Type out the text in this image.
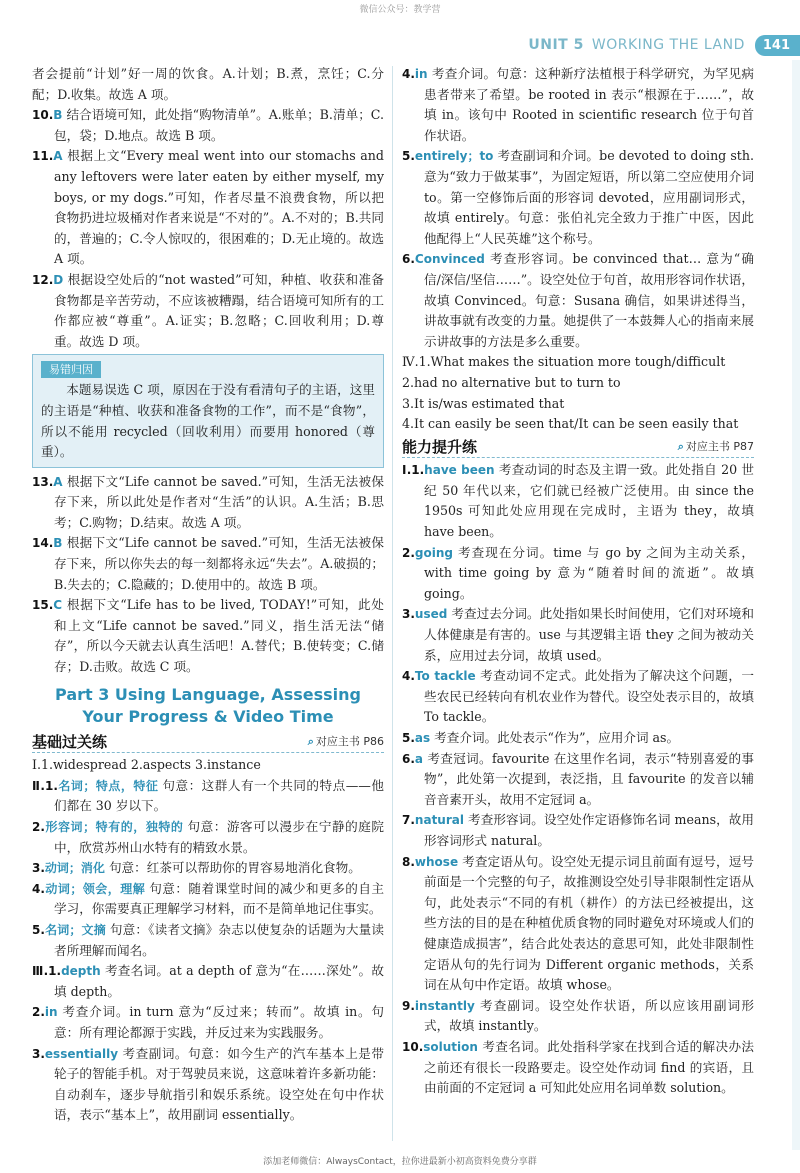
微信公众号：教学营
UNIT 5 WORKING THE LAND	141

者会提前“计划”好一周的饮食。A.计划；B.煮，烹饪；C.分配；D.收集。故选 A 项。

10.B 结合语境可知，此处指“购物清单”。A.账单；B.清单；C.包，袋；D.地点。故选 B 项。

11.A 根据上文“Every meal went into our stomachs and any leftovers were later eaten by either myself, my boys, or my dogs.”可知，作者尽量不浪费食物，所以把食物扔进垃圾桶对作者来说是“不对的”。A.不对的；B.共同的，普遍的；C.令人惊叹的，很困难的；D.无止境的。故选 A 项。

12.D 根据设空处后的“not wasted”可知，种植、收获和准备食物都是辛苦劳动，不应该被糟蹋，结合语境可知所有的工作都应被“尊重”。A.证实；B.忽略；C.回收利用；D.尊重。故选 D 项。

易错归因

本题易误选 C 项，原因在于没有看清句子的主语，这里的主语是“种植、收获和准备食物的工作”，而不是“食物”，所以不能用 recycled（回收利用）而要用 honored（尊重）。

13.A 根据下文“Life cannot be saved.”可知，生活无法被保存下来，所以此处是作者对“生活”的认识。A.生活；B.思考；C.购物；D.结束。故选 A 项。

14.B 根据下文“Life cannot be saved.”可知，生活无法被保存下来，所以你失去的每一刻都将永远“失去”。A.破损的；B.失去的；C.隐藏的；D.使用中的。故选 B 项。

15.C 根据下文“Life has to be lived, TODAY!”可知，此处和上文“Life cannot be saved.”同义，指生活无法“储存”，所以今天就去认真生活吧！A.替代；B.使转变；C.储存；D.击败。故选 C 项。

Part 3 Using Language, Assessing
Your Progress & Video Time
基础过关练	⌕ 对应主书 P86

Ⅰ.1.widespread 2.aspects 3.instance

Ⅱ.1.名词；特点，特征 句意：这群人有一个共同的特点——他们都在 30 岁以下。

2.形容词；特有的，独特的 句意：游客可以漫步在宁静的庭院中，欣赏苏州山水特有的精致水景。

3.动词；消化 句意：红茶可以帮助你的胃容易地消化食物。

4.动词；领会，理解 句意：随着课堂时间的减少和更多的自主学习，你需要真正理解学习材料，而不是简单地记住事实。

5.名词；文摘 句意：《读者文摘》杂志以使复杂的话题为大量读者所理解而闻名。

Ⅲ.1.depth 考查名词。at a depth of 意为“在……深处”。故填 depth。

2.in 考查介词。in turn 意为“反过来；转而”。故填 in。句意：所有理论都源于实践，并反过来为实践服务。

3.essentially 考查副词。句意：如今生产的汽车基本上是带轮子的智能手机。对于驾驶员来说，这意味着许多新功能：自动刹车，逐步导航指引和娱乐系统。设空处在句中作状语，表示“基本上”，故用副词 essentially。

4.in 考查介词。句意：这种新疗法植根于科学研究，为罕见病患者带来了希望。be rooted in 表示“根源在于……”，故填 in。该句中 Rooted in scientific research 位于句首作状语。

5.entirely；to 考查副词和介词。be devoted to doing sth.意为“致力于做某事”，为固定短语，所以第二空应使用介词 to。第一空修饰后面的形容词 devoted，应用副词形式，故填 entirely。句意：张伯礼完全致力于推广中医，因此他配得上“人民英雄”这个称号。

6.Convinced 考查形容词。be convinced that… 意为“确信/深信/坚信……”。设空处位于句首，故用形容词作状语，故填 Convinced。句意：Susana 确信，如果讲述得当，讲故事就有改变的力量。她提供了一本鼓舞人心的指南来展示讲故事的方法是多么重要。

Ⅳ.1.What makes the situation more tough/difficult

2.had no alternative but to turn to

3.It is/was estimated that

4.It can easily be seen that/It can be seen easily that

能力提升练	⌕ 对应主书 P87

Ⅰ.1.have been 考查动词的时态及主谓一致。此处指自 20 世纪 50 年代以来，它们就已经被广泛使用。由 since the 1950s 可知此处应用现在完成时，主语为 they，故填 have been。

2.going 考查现在分词。time 与 go by 之间为主动关系，with time going by 意为“随着时间的流逝”。故填 going。

3.used 考查过去分词。此处指如果长时间使用，它们对环境和人体健康是有害的。use 与其逻辑主语 they 之间为被动关系，应用过去分词，故填 used。

4.To tackle 考查动词不定式。此处指为了解决这个问题，一些农民已经转向有机农业作为替代。设空处表示目的，故填 To tackle。

5.as 考查介词。此处表示“作为”，应用介词 as。

6.a 考查冠词。favourite 在这里作名词，表示“特别喜爱的事物”，此处第一次提到，表泛指，且 favourite 的发音以辅音音素开头，故用不定冠词 a。

7.natural 考查形容词。设空处作定语修饰名词 means，故用形容词形式 natural。

8.whose 考查定语从句。设空处无提示词且前面有逗号，逗号前面是一个完整的句子，故推测设空处引导非限制性定语从句，此处表示“不同的有机（耕作）的方法已经被提出，这些方法的目的是在种植优质食物的同时避免对环境或人们的健康造成损害”，结合此处表达的意思可知，此处非限制性定语从句的先行词为 Different organic methods，关系词在从句中作定语。故填 whose。

9.instantly 考查副词。设空处作状语，所以应该用副词形式，故填 instantly。

10.solution 考查名词。此处指科学家在找到合适的解决办法之前还有很长一段路要走。设空处作动词 find 的宾语，且由前面的不定冠词 a 可知此处应用名词单数 solution。

添加老师微信：AlwaysContact，拉你进最新小初高资料免费分享群
